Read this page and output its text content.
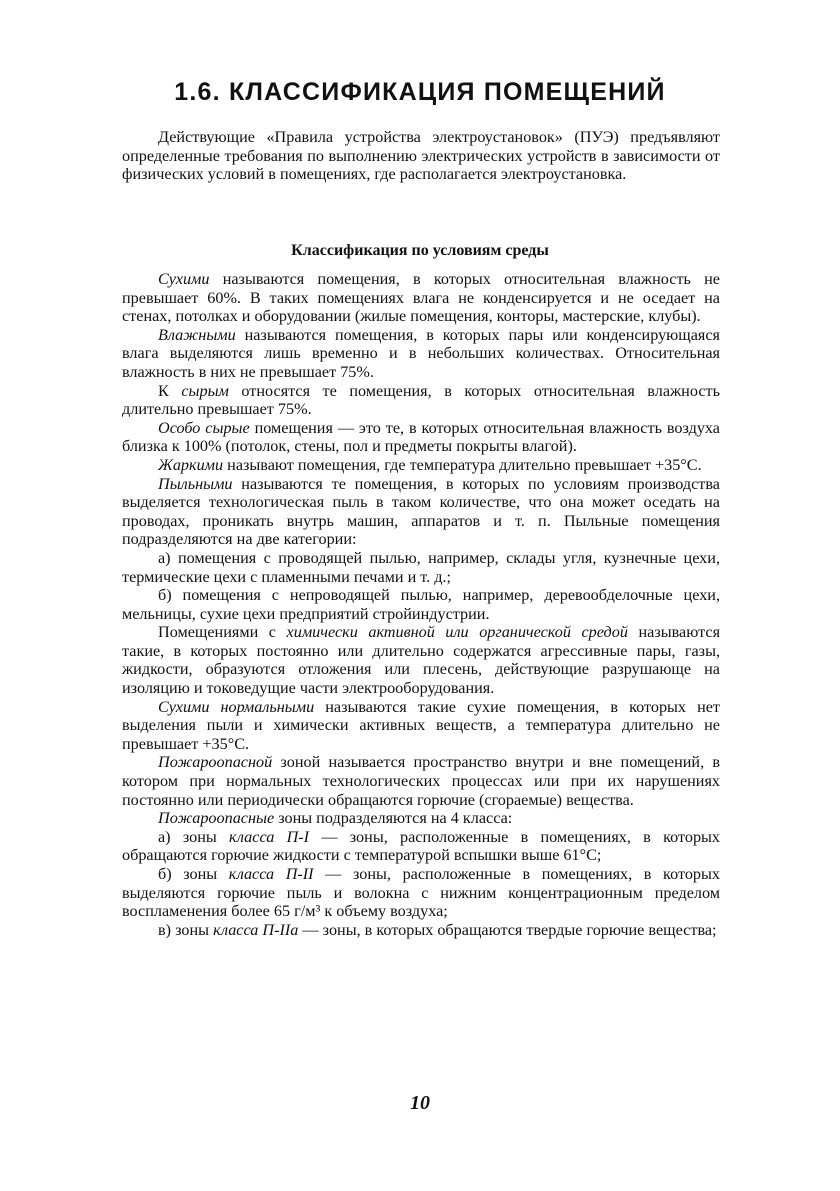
1.6. КЛАССИФИКАЦИЯ ПОМЕЩЕНИЙ

Действующие «Правила устройства электроустановок» (ПУЭ) предъявляют определенные требования по выполнению электрических устройств в зависимости от физических условий в помещениях, где располагается электроустановка.

Классификация по условиям среды

Сухими называются помещения, в которых относительная влажность не превышает 60%. В таких помещениях влага не конденсируется и не оседает на стенах, потолках и оборудовании (жилые помещения, конторы, мастерские, клубы).

Влажными называются помещения, в которых пары или конденсирующаяся влага выделяются лишь временно и в небольших количествах. Относительная влажность в них не превышает 75%.

К сырым относятся те помещения, в которых относительная влажность длительно превышает 75%.

Особо сырые помещения — это те, в которых относительная влажность воздуха близка к 100% (потолок, стены, пол и предметы покрыты влагой).

Жаркими называют помещения, где температура длительно превышает +35°С.

Пыльными называются те помещения, в которых по условиям производства выделяется технологическая пыль в таком количестве, что она может оседать на проводах, проникать внутрь машин, аппаратов и т. п. Пыльные помещения подразделяются на две категории:

а) помещения с проводящей пылью, например, склады угля, кузнечные цехи, термические цехи с пламенными печами и т. д.;

б) помещения с непроводящей пылью, например, деревообделочные цехи, мельницы, сухие цехи предприятий стройиндустрии.

Помещениями с химически активной или органической средой называются такие, в которых постоянно или длительно содержатся агрессивные пары, газы, жидкости, образуются отложения или плесень, действующие разрушающе на изоляцию и токоведущие части электрооборудования.

Сухими нормальными называются такие сухие помещения, в которых нет выделения пыли и химически активных веществ, а температура длительно не превышает +35°С.

Пожароопасной зоной называется пространство внутри и вне помещений, в котором при нормальных технологических процессах или при их нарушениях постоянно или периодически обращаются горючие (сгораемые) вещества.

Пожароопасные зоны подразделяются на 4 класса:

а) зоны класса П-I — зоны, расположенные в помещениях, в которых обращаются горючие жидкости с температурой вспышки выше 61°С;

б) зоны класса П-II — зоны, расположенные в помещениях, в которых выделяются горючие пыль и волокна с нижним концентрационным пределом воспламенения более 65 г/м³ к объему воздуха;

в) зоны класса П-IIа — зоны, в которых обращаются твердые горючие вещества;

10
